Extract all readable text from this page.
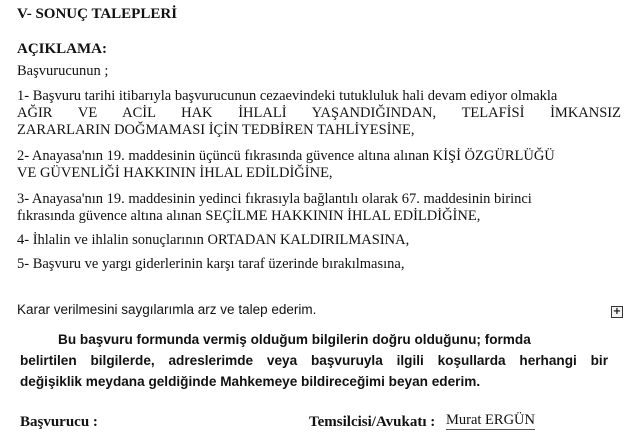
V- SONUÇ TALEPLERİ
AÇIKLAMA:
Başvurucunun ;
1- Başvuru tarihi itibarıyla başvurucunun cezaevindeki tutukluluk hali devam ediyor olmakla
AĞIR VE ACİL HAK İHLALİ YAŞANDIĞINDAN, TELAFİSİ İMKANSIZ
ZARARLARIN DOĞMAMASI İÇİN TEDBİREN TAHLİYESİNE,
2- Anayasa'nın 19. maddesinin üçüncü fıkrasında güvence altına alınan KİŞİ ÖZGÜRLÜĞÜ
VE GÜVENLİĞİ HAKKININ İHLAL EDİLDİĞİNE,
3- Anayasa'nın 19. maddesinin yedinci fıkrasıyla bağlantılı olarak 67. maddesinin birinci
fıkrasında güvence altına alınan SEÇİLME HAKKININ İHLAL EDİLDİĞİNE,
4- İhlalin ve ihlalin sonuçlarının ORTADAN KALDIRILMASINA,
5- Başvuru ve yargı giderlerinin karşı taraf üzerinde bırakılmasına,
Karar verilmesini saygılarımla arz ve talep ederim.	+
Bu başvuru formunda vermiş olduğum bilgilerin doğru olduğunu; formda
belirtilen bilgilerde, adreslerimde veya başvuruyla ilgili koşullarda herhangi bir
değişiklik meydana geldiğinde Mahkemeye bildireceğimi beyan ederim.
Başvurucu :	Temsilcisi/Avukatı : Murat ERGÜN
